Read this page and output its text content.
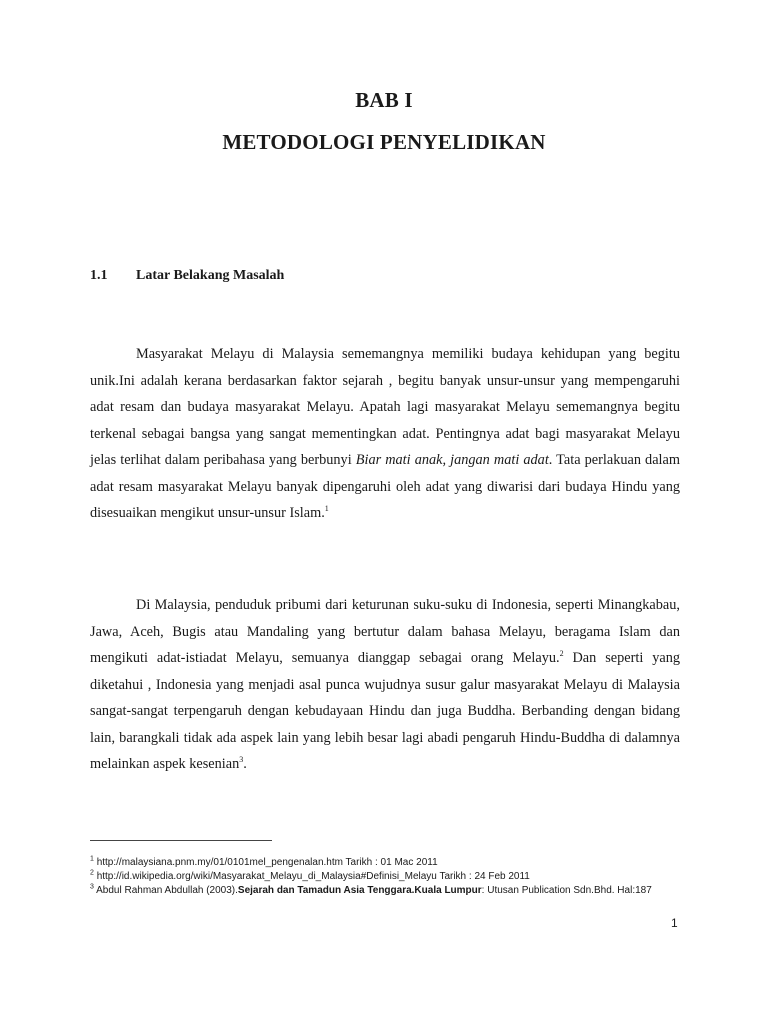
BAB I
METODOLOGI PENYELIDIKAN
1.1 Latar Belakang Masalah

Masyarakat Melayu di Malaysia sememangnya memiliki budaya kehidupan yang begitu unik.Ini adalah kerana berdasarkan faktor sejarah , begitu banyak unsur-unsur yang mempengaruhi adat resam dan budaya masyarakat Melayu. Apatah lagi masyarakat Melayu sememangnya begitu terkenal sebagai bangsa yang sangat mementingkan adat. Pentingnya adat bagi masyarakat Melayu jelas terlihat dalam peribahasa yang berbunyi Biar mati anak, jangan mati adat. Tata perlakuan dalam adat resam masyarakat Melayu banyak dipengaruhi oleh adat yang diwarisi dari budaya Hindu yang disesuaikan mengikut unsur-unsur Islam.$^1$

Di Malaysia, penduduk pribumi dari keturunan suku-suku di Indonesia, seperti Minangkabau, Jawa, Aceh, Bugis atau Mandaling yang bertutur dalam bahasa Melayu, beragama Islam dan mengikuti adat-istiadat Melayu, semuanya dianggap sebagai orang Melayu.$^2$ Dan seperti yang diketahui , Indonesia yang menjadi asal punca wujudnya susur galur masyarakat Melayu di Malaysia sangat-sangat terpengaruh dengan kebudayaan Hindu dan juga Buddha. Berbanding dengan bidang lain, barangkali tidak ada aspek lain yang lebih besar lagi abadi pengaruh Hindu-Buddha di dalamnya melainkan aspek kesenian$^3$.

$^1$ http://malaysiana.pnm.my/01/0101mel_pengenalan.htm Tarikh : 01 Mac 2011
$^2$ http://id.wikipedia.org/wiki/Masyarakat_Melayu_di_Malaysia#Definisi_Melayu Tarikh : 24 Feb 2011
$^3$ Abdul Rahman Abdullah (2003).Sejarah dan Tamadun Asia Tenggara.Kuala Lumpur: Utusan Publication Sdn.Bhd. Hal:187
1
